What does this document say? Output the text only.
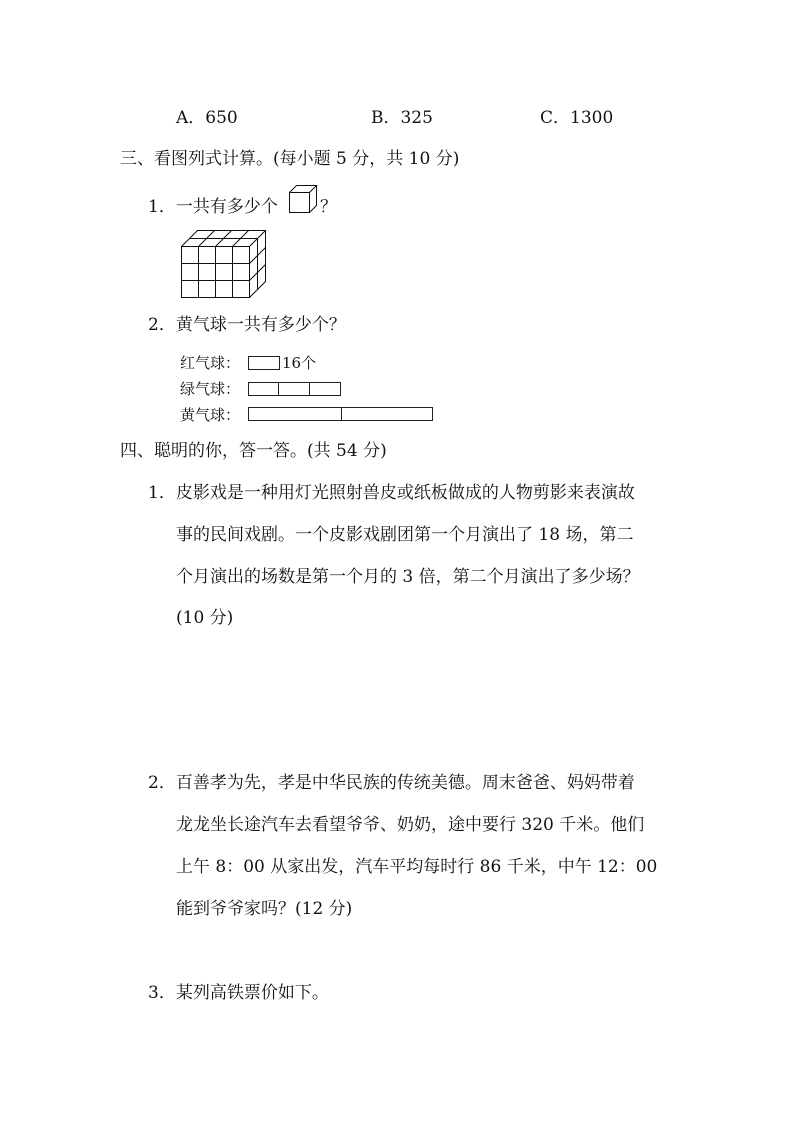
A．650	B．325	C．1300
三、看图列式计算。(每小题 5 分，共 10 分)
1．一共有多少个 ？
2．黄气球一共有多少个？
红气球：	16个
绿气球：
黄气球：
四、聪明的你，答一答。(共 54 分)
1．皮影戏是一种用灯光照射兽皮或纸板做成的人物剪影来表演故
事的民间戏剧。一个皮影戏剧团第一个月演出了 18 场，第二
个月演出的场数是第一个月的 3 倍，第二个月演出了多少场？
(10 分)
2．百善孝为先，孝是中华民族的传统美德。周末爸爸、妈妈带着
龙龙坐长途汽车去看望爷爷、奶奶，途中要行 320 千米。他们
上午 8：00 从家出发，汽车平均每时行 86 千米，中午 12：00
能到爷爷家吗？(12 分)
3．某列高铁票价如下。
